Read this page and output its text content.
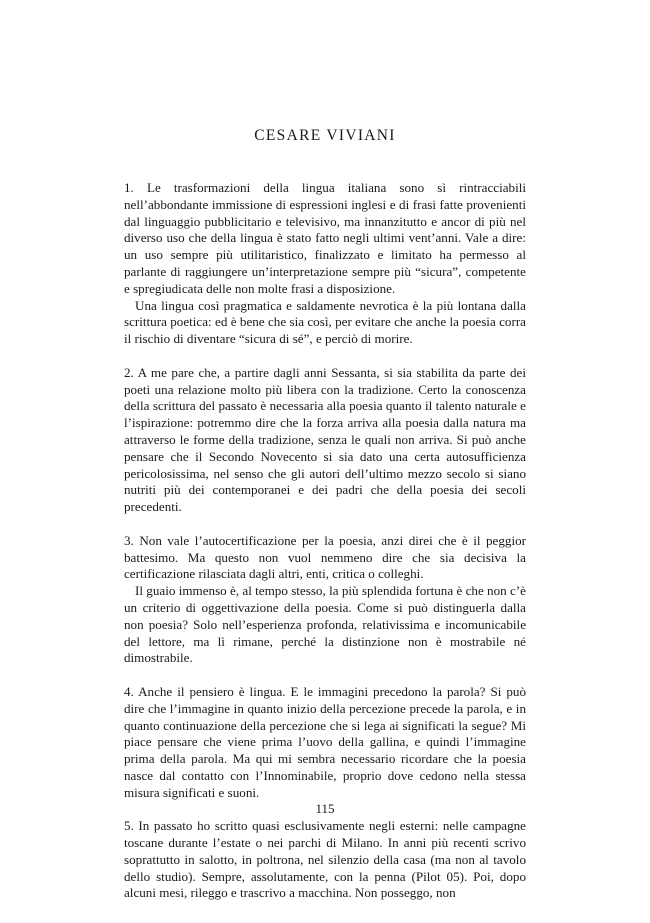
CESARE VIVIANI

1. Le trasformazioni della lingua italiana sono sì rintracciabili nell’abbondante immissione di espressioni inglesi e di frasi fatte provenienti dal linguaggio pubblicitario e televisivo, ma innanzitutto e ancor di più nel diverso uso che della lingua è stato fatto negli ultimi vent’anni. Vale a dire: un uso sempre più utilitaristico, finalizzato e limitato ha permesso al parlante di raggiungere un’interpretazione sempre più “sicura”, competente e spregiudicata delle non molte frasi a disposizione.

Una lingua così pragmatica e saldamente nevrotica è la più lontana dalla scrittura poetica: ed è bene che sia così, per evitare che anche la poesia corra il rischio di diventare “sicura di sé”, e perciò di morire.

2. A me pare che, a partire dagli anni Sessanta, si sia stabilita da parte dei poeti una relazione molto più libera con la tradizione. Certo la conoscenza della scrittura del passato è necessaria alla poesia quanto il talento naturale e l’ispirazione: potremmo dire che la forza arriva alla poesia dalla natura ma attraverso le forme della tradizione, senza le quali non arriva. Si può anche pensare che il Secondo Novecento si sia dato una certa autosufficienza pericolosissima, nel senso che gli autori dell’ultimo mezzo secolo si siano nutriti più dei contemporanei e dei padri che della poesia dei secoli precedenti.

3. Non vale l’autocertificazione per la poesia, anzi direi che è il peggior battesimo. Ma questo non vuol nemmeno dire che sia decisiva la certificazione rilasciata dagli altri, enti, critica o colleghi.

Il guaio immenso è, al tempo stesso, la più splendida fortuna è che non c’è un criterio di oggettivazione della poesia. Come si può distinguerla dalla non poesia? Solo nell’esperienza profonda, relativissima e incomunicabile del lettore, ma lì rimane, perché la distinzione non è mostrabile né dimostrabile.

4. Anche il pensiero è lingua. E le immagini precedono la parola? Si può dire che l’immagine in quanto inizio della percezione precede la parola, e in quanto continuazione della percezione che si lega ai significati la segue? Mi piace pensare che viene prima l’uovo della gallina, e quindi l’immagine prima della parola. Ma qui mi sembra necessario ricordare che la poesia nasce dal contatto con l’Innominabile, proprio dove cedono nella stessa misura significati e suoni.

5. In passato ho scritto quasi esclusivamente negli esterni: nelle campagne toscane durante l’estate o nei parchi di Milano. In anni più recenti scrivo soprattutto in salotto, in poltrona, nel silenzio della casa (ma non al tavolo dello studio). Sempre, assolutamente, con la penna (Pilot 05). Poi, dopo alcuni mesi, rileggo e trascrivo a macchina. Non posseggo, non

115
